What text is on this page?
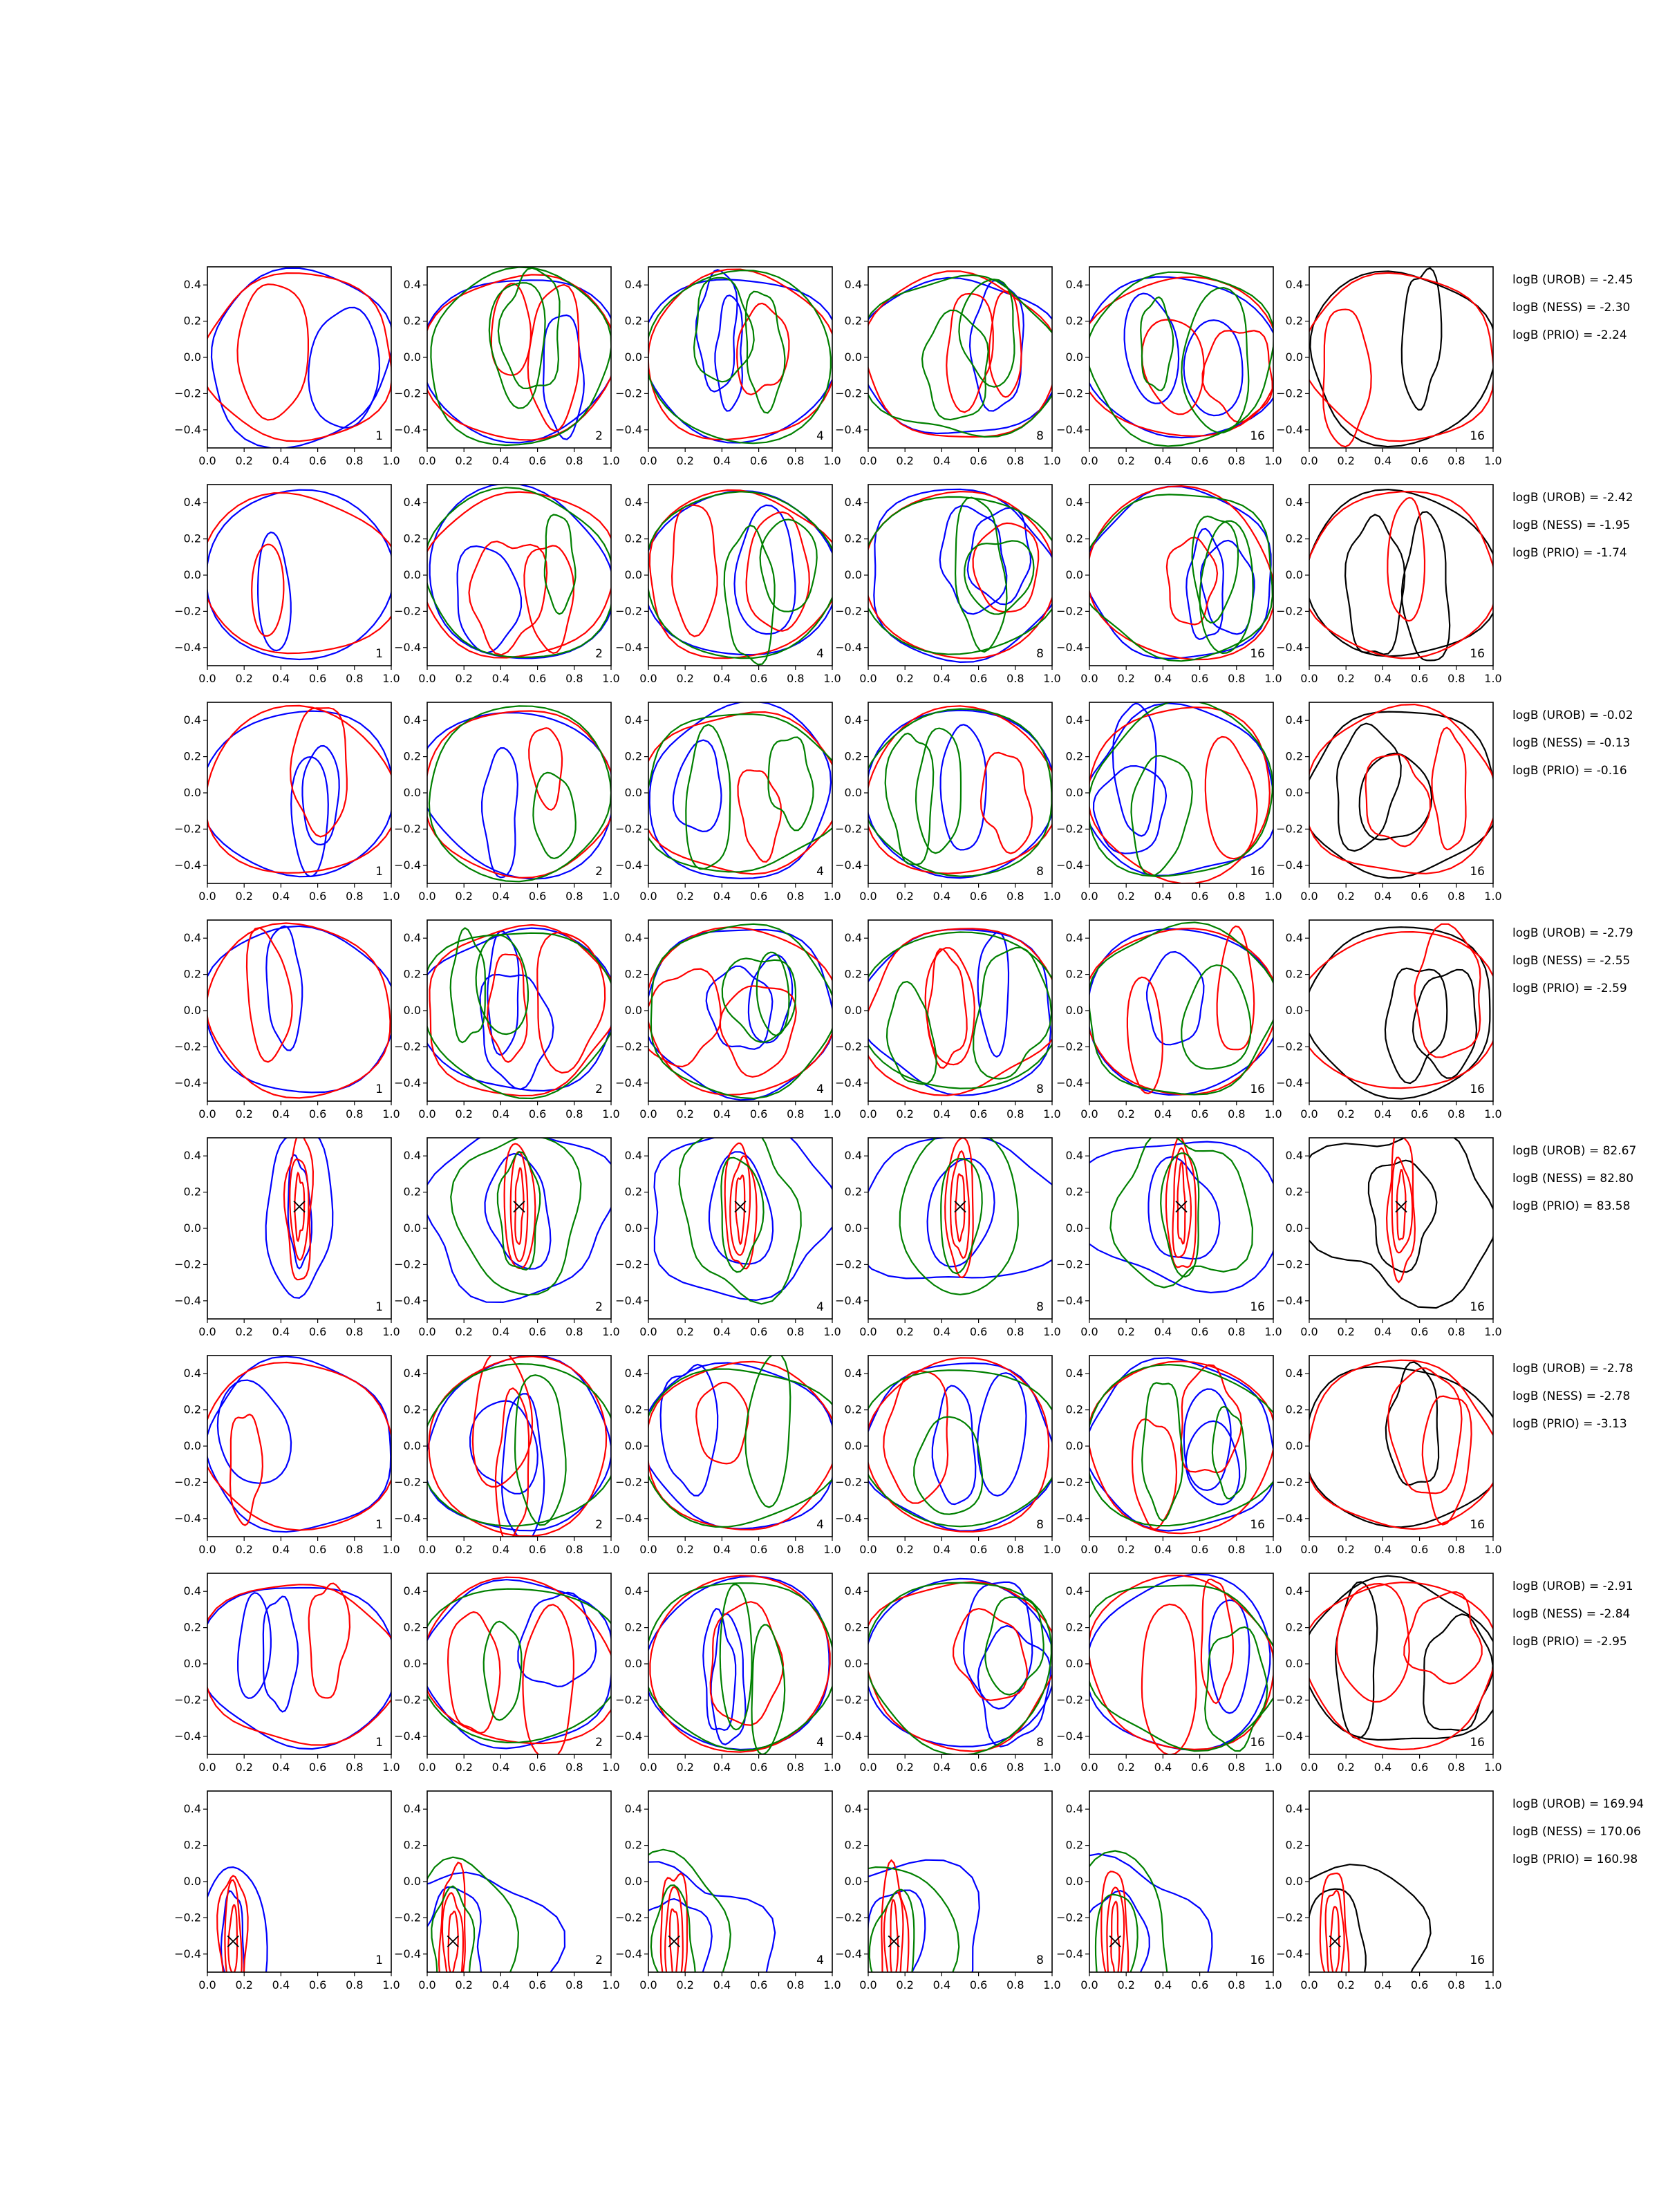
0.0 0.2 0.4 0.6 0.8 1.0
0.4
0.2
0.0
−0.2
−0.4	1
0.0 0.2 0.4 0.6 0.8 1.0
0.4
0.2
0.0
−0.2
−0.4	2
0.0 0.2 0.4 0.6 0.8 1.0
0.4
0.2
0.0
−0.2
−0.4	4
0.0 0.2 0.4 0.6 0.8 1.0
0.4
0.2
0.0
−0.2
−0.4	8
0.0 0.2 0.4 0.6 0.8 1.0
0.4
0.2
0.0
−0.2
−0.4	16
0.0 0.2 0.4 0.6 0.8 1.0
0.4
0.2
0.0
−0.2
−0.4	16
logB (UROB) = -2.45
logB (NESS) = -2.30
logB (PRIO) = -2.24
0.0 0.2 0.4 0.6 0.8 1.0
0.4
0.2
0.0
−0.2
−0.4	1
0.0 0.2 0.4 0.6 0.8 1.0
0.4
0.2
0.0
−0.2
−0.4	2
0.0 0.2 0.4 0.6 0.8 1.0
0.4
0.2
0.0
−0.2
−0.4	4
0.0 0.2 0.4 0.6 0.8 1.0
0.4
0.2
0.0
−0.2
−0.4	8
0.0 0.2 0.4 0.6 0.8 1.0
0.4
0.2
0.0
−0.2
−0.4	16
0.0 0.2 0.4 0.6 0.8 1.0
0.4
0.2
0.0
−0.2
−0.4	16
logB (UROB) = -2.42
logB (NESS) = -1.95
logB (PRIO) = -1.74
0.0 0.2 0.4 0.6 0.8 1.0
0.4
0.2
0.0
−0.2
−0.4	1
0.0 0.2 0.4 0.6 0.8 1.0
0.4
0.2
0.0
−0.2
−0.4	2
0.0 0.2 0.4 0.6 0.8 1.0
0.4
0.2
0.0
−0.2
−0.4	4
0.0 0.2 0.4 0.6 0.8 1.0
0.4
0.2
0.0
−0.2
−0.4	8
0.0 0.2 0.4 0.6 0.8 1.0
0.4
0.2
0.0
−0.2
−0.4	16
0.0 0.2 0.4 0.6 0.8 1.0
0.4
0.2
0.0
−0.2
−0.4	16
logB (UROB) = -0.02
logB (NESS) = -0.13
logB (PRIO) = -0.16
0.0 0.2 0.4 0.6 0.8 1.0
0.4
0.2
0.0
−0.2
−0.4	1
0.0 0.2 0.4 0.6 0.8 1.0
0.4
0.2
0.0
−0.2
−0.4	2
0.0 0.2 0.4 0.6 0.8 1.0
0.4
0.2
0.0
−0.2
−0.4	4
0.0 0.2 0.4 0.6 0.8 1.0
0.4
0.2
0.0
−0.2
−0.4	8
0.0 0.2 0.4 0.6 0.8 1.0
0.4
0.2
0.0
−0.2
−0.4	16
0.0 0.2 0.4 0.6 0.8 1.0
0.4
0.2
0.0
−0.2
−0.4	16
logB (UROB) = -2.79
logB (NESS) = -2.55
logB (PRIO) = -2.59
0.0 0.2 0.4 0.6 0.8 1.0
0.4
0.2
0.0
−0.2
−0.4	1
0.0 0.2 0.4 0.6 0.8 1.0
0.4
0.2
0.0
−0.2
−0.4	2
0.0 0.2 0.4 0.6 0.8 1.0
0.4
0.2
0.0
−0.2
−0.4	4
0.0 0.2 0.4 0.6 0.8 1.0
0.4
0.2
0.0
−0.2
−0.4	8
0.0 0.2 0.4 0.6 0.8 1.0
0.4
0.2
0.0
−0.2
−0.4	16
0.0 0.2 0.4 0.6 0.8 1.0
0.4
0.2
0.0
−0.2
−0.4	16
logB (UROB) = 82.67
logB (NESS) = 82.80
logB (PRIO) = 83.58
0.0 0.2 0.4 0.6 0.8 1.0
0.4
0.2
0.0
−0.2
−0.4	1
0.0 0.2 0.4 0.6 0.8 1.0
0.4
0.2
0.0
−0.2
−0.4	2
0.0 0.2 0.4 0.6 0.8 1.0
0.4
0.2
0.0
−0.2
−0.4	4
0.0 0.2 0.4 0.6 0.8 1.0
0.4
0.2
0.0
−0.2
−0.4	8
0.0 0.2 0.4 0.6 0.8 1.0
0.4
0.2
0.0
−0.2
−0.4	16
0.0 0.2 0.4 0.6 0.8 1.0
0.4
0.2
0.0
−0.2
−0.4	16
logB (UROB) = -2.78
logB (NESS) = -2.78
logB (PRIO) = -3.13
0.0 0.2 0.4 0.6 0.8 1.0
0.4
0.2
0.0
−0.2
−0.4	1
0.0 0.2 0.4 0.6 0.8 1.0
0.4
0.2
0.0
−0.2
−0.4	2
0.0 0.2 0.4 0.6 0.8 1.0
0.4
0.2
0.0
−0.2
−0.4	4
0.0 0.2 0.4 0.6 0.8 1.0
0.4
0.2
0.0
−0.2
−0.4	8
0.0 0.2 0.4 0.6 0.8 1.0
0.4
0.2
0.0
−0.2
−0.4	16
0.0 0.2 0.4 0.6 0.8 1.0
0.4
0.2
0.0
−0.2
−0.4	16
logB (UROB) = -2.91
logB (NESS) = -2.84
logB (PRIO) = -2.95
0.0 0.2 0.4 0.6 0.8 1.0
0.4
0.2
0.0
−0.2
−0.4	1
0.0 0.2 0.4 0.6 0.8 1.0
0.4
0.2
0.0
−0.2
−0.4	2
0.0 0.2 0.4 0.6 0.8 1.0
0.4
0.2
0.0
−0.2
−0.4	4
0.0 0.2 0.4 0.6 0.8 1.0
0.4
0.2
0.0
−0.2
−0.4	8
0.0 0.2 0.4 0.6 0.8 1.0
0.4
0.2
0.0
−0.2
−0.4	16
0.0 0.2 0.4 0.6 0.8 1.0
0.4
0.2
0.0
−0.2
−0.4	16
logB (UROB) = 169.94
logB (NESS) = 170.06
logB (PRIO) = 160.98
